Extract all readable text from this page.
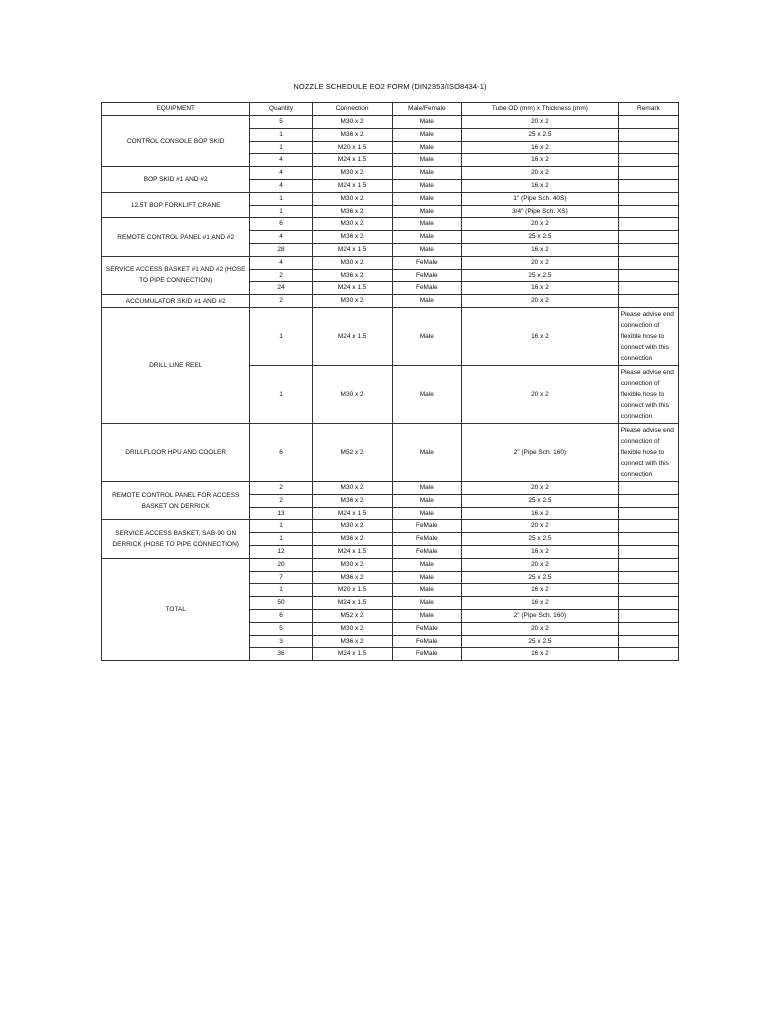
NOZZLE SCHEDULE EO2 FORM (DIN2353/ISO8434-1)
EQUIPMENT	Quantity	Connection	Male/Female	Tube OD (mm) x Thickness (mm)	Remark
CONTROL CONSOLE BOP SKID	5	M30 x 2	Male	20 x 2	
	1	M36 x 2	Male	25 x 2.5	
	1	M20 x 1.5	Male	16 x 2	
	4	M24 x 1.5	Male	16 x 2	
BOP SKID #1 AND #2	4	M30 x 2	Male	20 x 2	
	4	M24 x 1.5	Male	16 x 2	
12.5T BOP FORKLIFT CRANE	1	M30 x 2	Male	1" (Pipe Sch. 40S)	
	1	M36 x 2	Male	3/4" (Pipe Sch. XS)	
REMOTE CONTROL PANEL #1 AND #2	6	M30 x 2	Male	20 x 2	
	4	M36 x 2	Male	25 x 2.5	
	28	M24 x 1.5	Male	16 x 2	
SERVICE ACCESS BASKET #1 AND #2 (HOSE TO PIPE CONNECTION)	4	M30 x 2	FeMale	20 x 2	
	2	M36 x 2	FeMale	25 x 2.5	
	24	M24 x 1.5	FeMale	16 x 2	
ACCUMULATOR SKID #1 AND #2	2	M30 x 2	Male	20 x 2	
DRILL LINE REEL	1	M24 x 1.5	Male	16 x 2	Please advise end connection of flexible hose to connect with this connection
	1	M30 x 2	Male	20 x 2	Please advise end connection of flexible hose to connect with this connection
DRILLFLOOR HPU AND COOLER	6	M52 x 2	Male	2" (Pipe Sch. 160)	Please advise end connection of flexible hose to connect with this connection
REMOTE CONTROL PANEL FOR ACCESS BASKET ON DERRICK	2	M30 x 2	Male	20 x 2	
	2	M36 x 2	Male	25 x 2.5	
	13	M24 x 1.5	Male	16 x 2	
SERVICE ACCESS BASKET, SAB-90 ON DERRICK (HOSE TO PIPE CONNECTION)	1	M30 x 2	FeMale	20 x 2	
	1	M36 x 2	FeMale	25 x 2.5	
	12	M24 x 1.5	FeMale	16 x 2	
TOTAL	20	M30 x 2	Male	20 x 2	
	7	M36 x 2	Male	25 x 2.5	
	1	M20 x 1.5	Male	16 x 2	
	50	M24 x 1.5	Male	16 x 2	
	6	M52 x 2	Male	2" (Pipe Sch. 160)	
	5	M30 x 2	FeMale	20 x 2	
	3	M36 x 2	FeMale	25 x 2.5	
	36	M24 x 1.5	FeMale	16 x 2	
